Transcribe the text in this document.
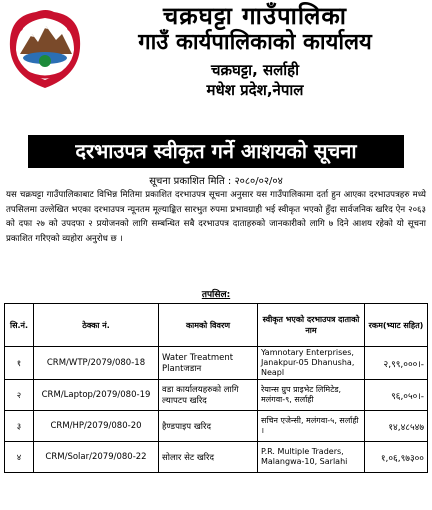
चक्रघट्टा गाउँपालिका
गाउँ कार्यपालिकाको कार्यालय
चक्रघट्टा, सर्लाही
मधेश प्रदेश,नेपाल
दरभाउपत्र स्वीकृत गर्ने आशयको सूचना
सूचना प्रकाशित मिति : २०८०/०२/०४
यस चक्रघट्टा गाउँपालिकाबाट विभिन्न मितिमा प्रकाशित दरभाउपत्र सूचना अनुसार यस गाउँपालिकामा दर्ता हुन आएका दरभाउपत्रहरु मध्ये तपसिलमा उल्लेखित भएका दरभाउपत्र न्यूनतम मूल्याङ्कित सारभुत रुपमा प्रभावग्राही भई स्वीकृत भएको हुँदा सार्वजनिक खरिद ऐन २०६३ को दफा २७ को उपदफा २ प्रयोजनको लागि सम्बन्धित सबै दरभाउपत्र दाताहरुको जानकारीको लागि ७ दिने आशय रहेको यो सूचना प्रकाशित गरिएको व्यहोरा अनुरोध छ ।
तपसिल:
सि.नं.	ठेक्का नं.	कामको विवरण	स्वीकृत भएको दरभाउपत्र दाताको नाम	रकम(भ्याट सहित)
१	CRM/WTP/2079/080-18	Water Treatment Plantजडान	Yamnotary Enterprises, Janakpur-05 Dhanusha, Neapl	२,९९,०००।-
२	CRM/Laptop/2079/080-19	वडा कार्यालयहरुको लागि ल्यापटप खरिद	रेयान्स ग्रुप प्राइभेट लिमिटेड, मलंगवा-९, सर्लाही	९६,०५०।-
३	CRM/HP/2079/080-20	हैण्डपाइप खरिद	सचिन एजेन्सी, मलंगवा-५, सर्लाही ।	१४,४८५४७
४	CRM/Solar/2079/080-22	सोलार सेट खरिद	P.R. Multiple Traders, Malangwa-10, Sarlahi	१,०६,९७३००
